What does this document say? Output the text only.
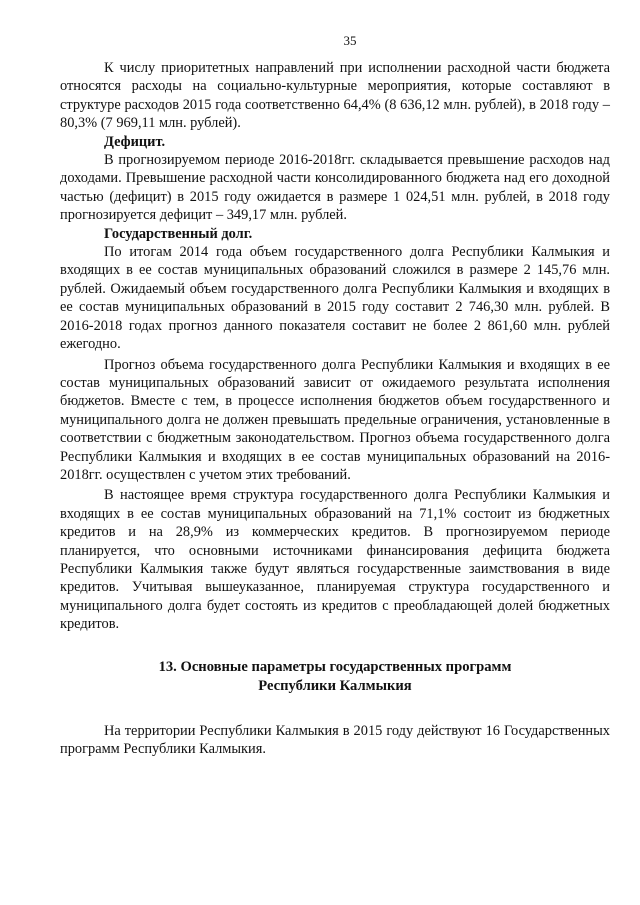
35

К числу приоритетных направлений при исполнении расходной части бюджета относятся расходы на социально-культурные мероприятия, которые составляют в структуре расходов 2015 года соответственно 64,4% (8 636,12 млн. рублей), в 2018 году – 80,3% (7 969,11 млн. рублей).

Дефицит.

В прогнозируемом периоде 2016-2018гг. складывается превышение расходов над доходами. Превышение расходной части консолидированного бюджета над его доходной частью (дефицит) в 2015 году ожидается в размере 1 024,51 млн. рублей, в 2018 году прогнозируется дефицит – 349,17 млн. рублей.

Государственный долг.

По итогам 2014 года объем государственного долга Республики Калмыкия и входящих в ее состав муниципальных образований сложился в размере 2 145,76 млн. рублей. Ожидаемый объем государственного долга Республики Калмыкия и входящих в ее состав муниципальных образований в 2015 году составит 2 746,30 млн. рублей. В 2016-2018 годах прогноз данного показателя составит не более 2 861,60 млн. рублей ежегодно.

Прогноз объема государственного долга Республики Калмыкия и входящих в ее состав муниципальных образований зависит от ожидаемого результата исполнения бюджетов. Вместе с тем, в процессе исполнения бюджетов объем государственного и муниципального долга не должен превышать предельные ограничения, установленные в соответствии с бюджетным законодательством. Прогноз объема государственного долга Республики Калмыкия и входящих в ее состав муниципальных образований на 2016-2018гг. осуществлен с учетом этих требований.

В настоящее время структура государственного долга Республики Калмыкия и входящих в ее состав муниципальных образований на 71,1% состоит из бюджетных кредитов и на 28,9% из коммерческих кредитов. В прогнозируемом периоде планируется, что основными источниками финансирования дефицита бюджета Республики Калмыкия также будут являться государственные заимствования в виде кредитов. Учитывая вышеуказанное, планируемая структура государственного и муниципального долга будет состоять из кредитов с преобладающей долей бюджетных кредитов.

13. Основные параметры государственных программ
Республики Калмыкия

На территории Республики Калмыкия в 2015 году действуют 16 Государственных программ Республики Калмыкия.
